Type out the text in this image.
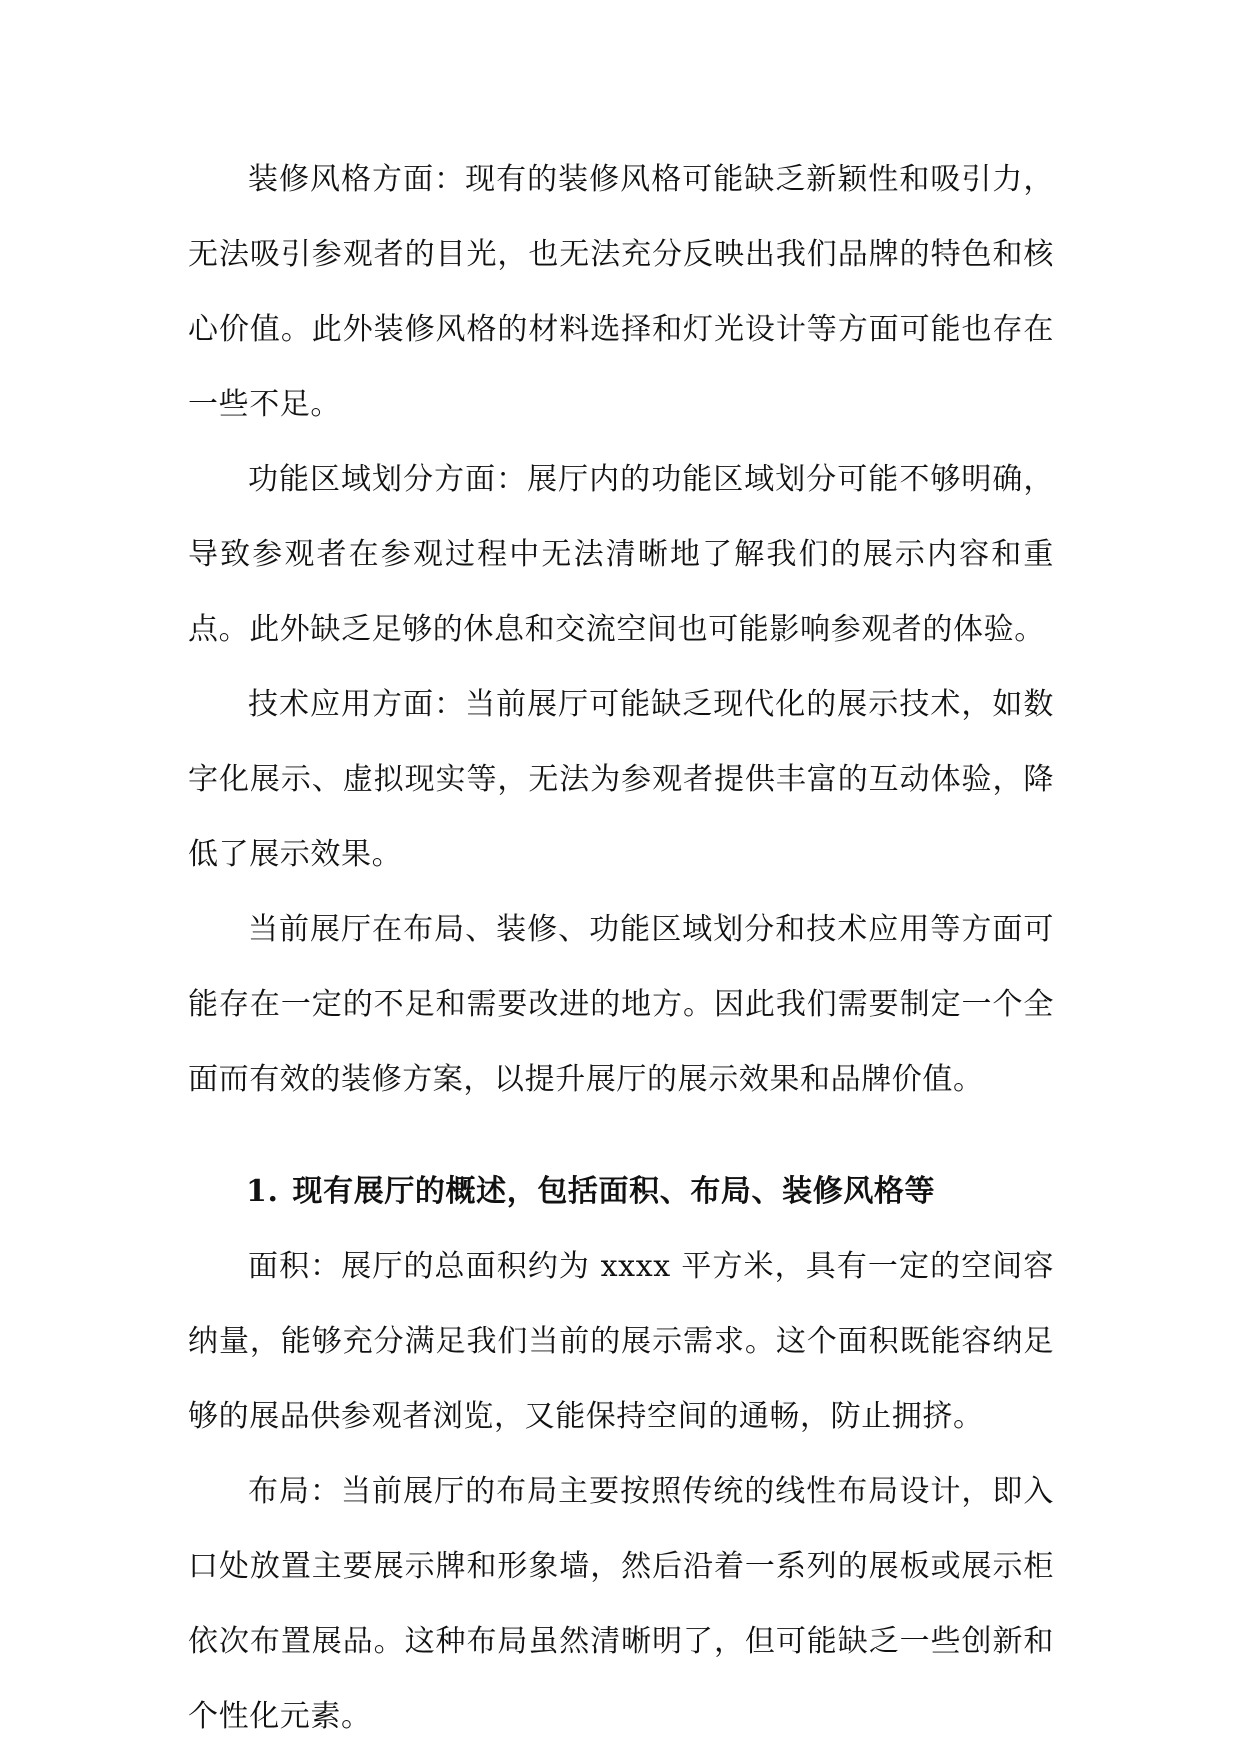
装修风格方面：现有的装修风格可能缺乏新颖性和吸引力，无法吸引参观者的目光，也无法充分反映出我们品牌的特色和核心价值。此外装修风格的材料选择和灯光设计等方面可能也存在一些不足。

功能区域划分方面：展厅内的功能区域划分可能不够明确，导致参观者在参观过程中无法清晰地了解我们的展示内容和重点。此外缺乏足够的休息和交流空间也可能影响参观者的体验。

技术应用方面：当前展厅可能缺乏现代化的展示技术，如数字化展示、虚拟现实等，无法为参观者提供丰富的互动体验，降低了展示效果。

当前展厅在布局、装修、功能区域划分和技术应用等方面可能存在一定的不足和需要改进的地方。因此我们需要制定一个全面而有效的装修方案，以提升展厅的展示效果和品牌价值。

1. 现有展厅的概述，包括面积、布局、装修风格等

面积：展厅的总面积约为 xxxx 平方米，具有一定的空间容纳量，能够充分满足我们当前的展示需求。这个面积既能容纳足够的展品供参观者浏览，又能保持空间的通畅，防止拥挤。

布局：当前展厅的布局主要按照传统的线性布局设计，即入口处放置主要展示牌和形象墙，然后沿着一系列的展板或展示柜依次布置展品。这种布局虽然清晰明了，但可能缺乏一些创新和个性化元素。
